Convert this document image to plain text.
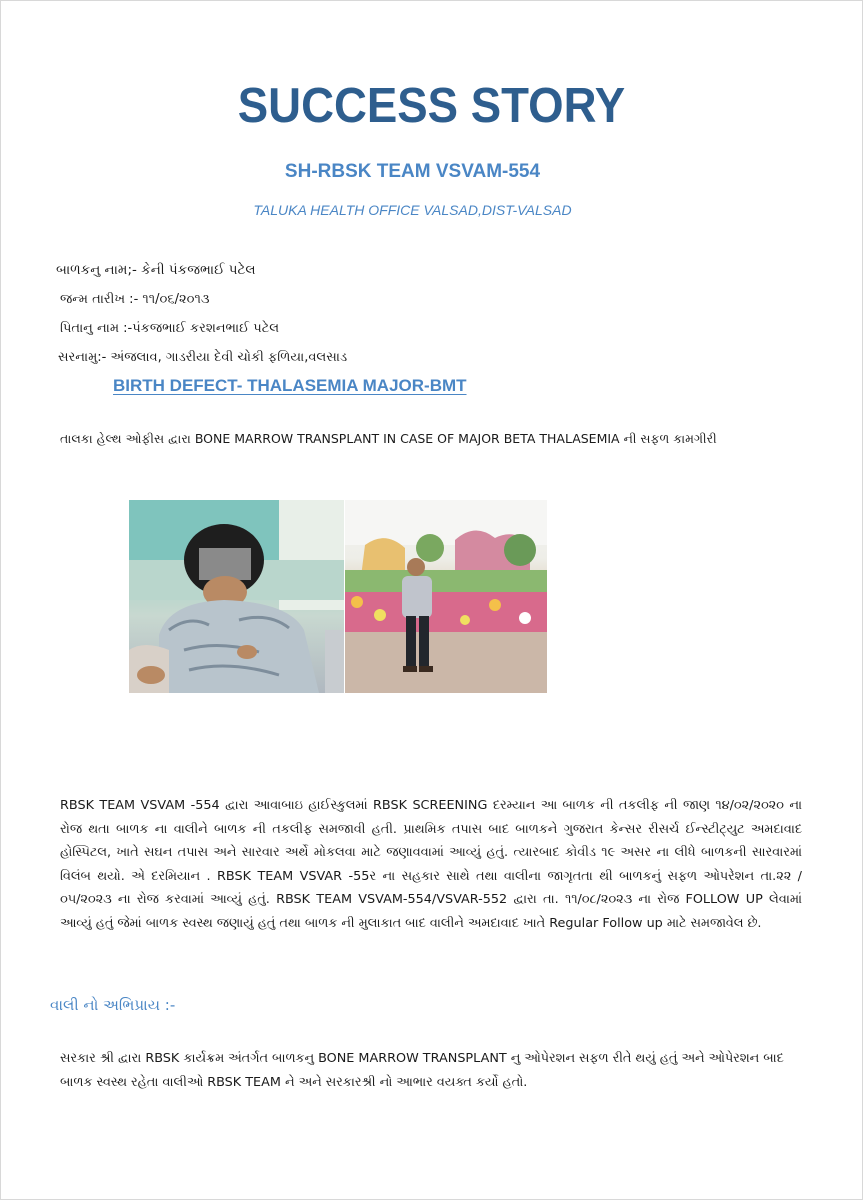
SUCCESS STORY
SH-RBSK TEAM VSVAM-554
TALUKA HEALTH OFFICE VALSAD,DIST-VALSAD
બાળકનુ નામ;- કેની પંકજભાઈ પટેલ
જન્મ તારીખ :- ૧૧/૦૬/૨૦૧૩
પિતાનુ નામ :-પંકજભાઈ કરશનભાઈ પટેલ
સરનામુ:- અંજલાવ, ગાડરીયા દેવી ચોકી ફળિયા,વલસાડ
BIRTH DEFECT- THALASEMIA MAJOR-BMT
તાલકા હેલ્થ ઓફીસ દ્વારા BONE MARROW TRANSPLANT IN CASE OF MAJOR BETA THALASEMIA ની સફળ કામગીરી
RBSK TEAM VSVAM -554 દ્વારા આવાબાઇ હાઈસ્કુલમાં RBSK SCREENING દરમ્યાન આ બાળક ની તકલીફ ની જાણ ૧૪/૦૨/૨૦૨૦ ના રોજ થતા બાળક ના વાલીને બાળક ની તકલીફ સમજાવી હતી. પ્રાથમિક તપાસ બાદ બાળકને ગુજરાત કેન્સર રીસર્ચ ઈન્સ્ટીટ્યુટ અમદાવાદ હોસ્પિટલ, ખાતે સઘન તપાસ અને સારવાર અર્થે મોકલવા માટે જણાવવામાં આવ્યું હતું. ત્યારબાદ કોવીડ ૧૯ અસર ના લીધે બાળકની સારવારમાં વિલંબ થયો. એ દરમિયાન . RBSK TEAM VSVAR -55ર ના સહકાર સાથે તથા વાલીના જાગૃતતા થી બાળકનું સફળ ઓપરેશન તા.૨૨ /૦૫/૨૦૨૩ ના રોજ કરવામાં આવ્યું હતું. RBSK TEAM VSVAM-554/VSVAR-552 દ્વારા તા. ૧૧/૦૮/૨૦૨૩ ના રોજ FOLLOW UP લેવામાં આવ્યું હતું જેમાં બાળક સ્વસ્થ જણાયું હતું તથા બાળક ની મુલાકાત બાદ વાલીને અમદાવાદ ખાતે Regular Follow up માટે સમજાવેલ છે.
વાલી નો અભિપ્રાય :-
સરકાર શ્રી દ્વારા RBSK કાર્યક્રમ અંતર્ગત બાળકનુ BONE MARROW TRANSPLANT નુ ઓપેરશન સફળ રીતે થયું હતું અને ઓપેરશન બાદ બાળક સ્વસ્થ રહેતા વાલીઓ RBSK TEAM ને અને સરકારશ્રી નો આભાર વયક્ત કર્યો હતો.
